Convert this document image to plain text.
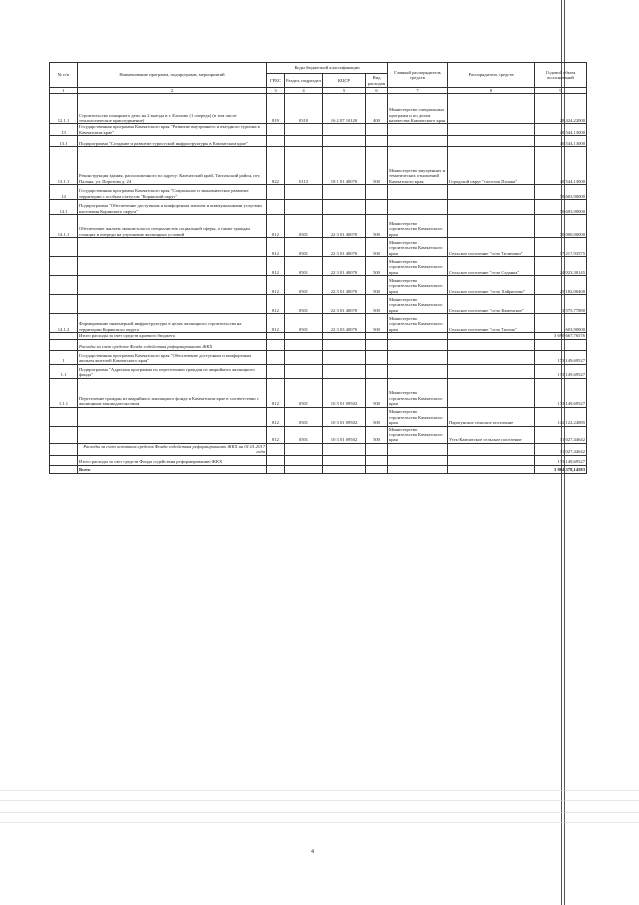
№ п/п	Наименование программ, подпрограмм, мероприятий	Коды бюджетной классификации				Главный распорядитель средств	Распорядитель средств	Годовой объем ассигнований
		ГРБС	Раздел, подраздел	КЦСР	Вид расходов			
1	2	3	4	5	6	7	8	9
12.1.1	Строительство пожарного депо на 2 выезда в г. Елизово (1 очередь) (в том числе технологическое присоединение)	819	0310	16 2 07 10120	400	Министерство специальных программ и по делам казачества Камчатского края		28 424,22000
13	Государственная программа Камчатского края "Развитие внутреннего и въездного туризма в Камчатском крае"							40 544,13000
13.1	Подпрограмма "Создание и развитие туристской инфраструктуры в Камчатском крае"							40 544,13000
13.1.1	Реконструкция здания, расположенного по адресу: Камчатский край, Тигильский район, пгт. Палана, ул. Поротова д. 24	822	0113	18 1 01 40070	500	Министерство внутренних и тематических отношений Камчатского края	Городской округ "поселок Палана"	40 544,13000
14	Государственная программа Камчатского края "Социальное и экономическое развитие территории с особым статусом "Корякский округ"							70 603,90000
14.1	Подпрограмма "Обеспечение доступным и комфортным жильем и коммунальными услугами населения Корякского округа"							70 603,90000
14.1.1	Обеспечение жильем эконом-класса специалистов социальной сферы, а также граждан стоящих в очереди на улучшение жилищных условий	812	0501	22 3 01 40070	500	Министерство строительства Камчатского края		70 000,00000
		812	0501	22 3 01 40070	500	Министерство строительства Камчатского края	Сельское поселение "село Тиличики"	17 217,93575
		812	0501	22 3 01 40070	500	Министерство строительства Камчатского края	Сельское поселение "село Седанка"	24 023,30145
		812	0501	22 3 01 40070	500	Министерство строительства Камчатского края	Сельское поселение "село Хайрюзово"	25 182,06400
		812	0501	22 3 01 40070	500	Министерство строительства Камчатского края	Сельское поселение "село Каменское"	3 575,77880
14.1.2	Формирование инженерной инфраструктуры в целях жилищного строительства на территории Корякского округа	812	0501	22 3 03 40070	500	Министерство строительства Камчатского края	Сельское поселение "село Тигиль"	603,90000
	Итого расходы за счет средств краевого бюджета							3 690 667,76576
	Расходы за счет средств Фонда содействия реформированию ЖКХ							
1	Государственная программа Камчатского края "Обеспечение доступным и комфортным жильем жителей Камчатского края"							173 149,69527
1.1	Подпрограмма "Адресная программа по переселению граждан из аварийного жилищного фонда"							173 149,69527
1.1.1	Переселение граждан из аварийного жилищного фонда в Камчатском крае в соответствии с жилищным законодательством	812	0501	10 3 01 09502	500	Министерство строительства Камчатского края		173 149,69527
		812	0501	10 3 01 09502	500	Министерство строительства Камчатского края	Паратунское сельское поселение	142 122,24885
		812	0501	10 3 01 09502	500	Министерство строительства Камчатского края	Усть-Камчатское сельское поселение	31 027,44642
	Расходы за счет остатков средств Фонда содействия реформированию ЖКХ на 01.01.2017 года							31 027,44642
	Итого расходы за счет средств Фонда содействия реформированию ЖКХ							173 149,69527
	Всего							3 864 378,14583
4
